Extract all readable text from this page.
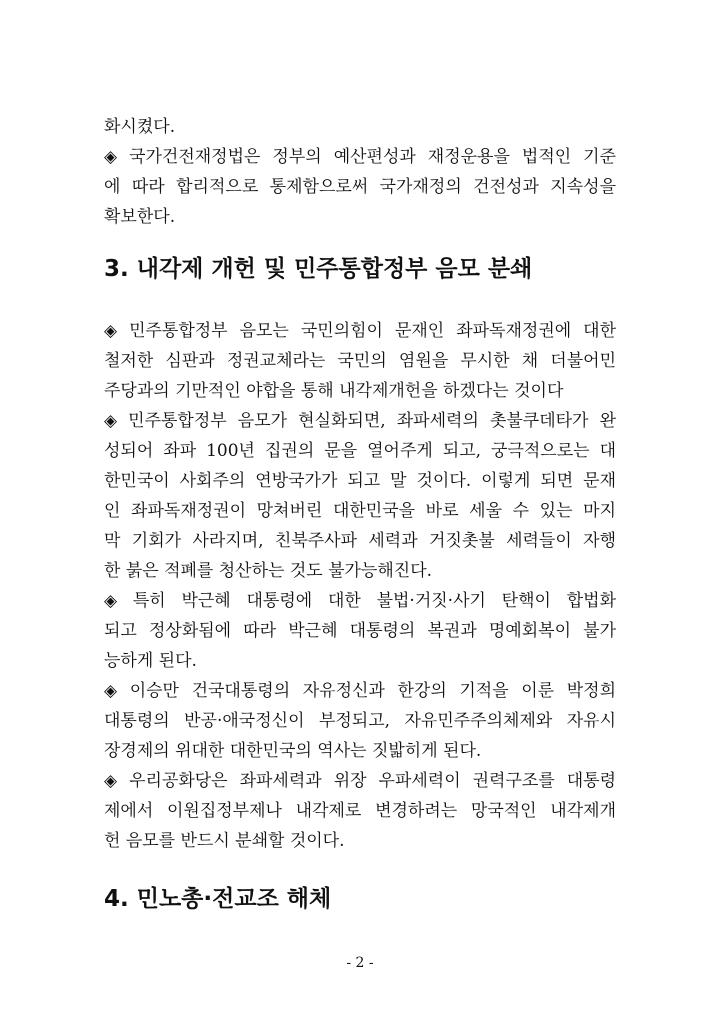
화시켰다.
◈ 국가건전재정법은 정부의 예산편성과 재정운용을 법적인 기준
에 따라 합리적으로 통제함으로써 국가재정의 건전성과 지속성을
확보한다.
3. 내각제 개헌 및 민주통합정부 음모 분쇄
◈ 민주통합정부 음모는 국민의힘이 문재인 좌파독재정권에 대한
철저한 심판과 정권교체라는 국민의 염원을 무시한 채 더불어민
주당과의 기만적인 야합을 통해 내각제개헌을 하겠다는 것이다
◈ 민주통합정부 음모가 현실화되면, 좌파세력의 촛불쿠데타가 완
성되어 좌파 100년 집권의 문을 열어주게 되고, 궁극적으로는 대
한민국이 사회주의 연방국가가 되고 말 것이다. 이렇게 되면 문재
인 좌파독재정권이 망쳐버린 대한민국을 바로 세울 수 있는 마지
막 기회가 사라지며, 친북주사파 세력과 거짓촛불 세력들이 자행
한 붉은 적폐를 청산하는 것도 불가능해진다.
◈ 특히 박근혜 대통령에 대한 불법·거짓·사기 탄핵이 합법화
되고 정상화됨에 따라 박근혜 대통령의 복권과 명예회복이 불가
능하게 된다.
◈ 이승만 건국대통령의 자유정신과 한강의 기적을 이룬 박정희
대통령의 반공·애국정신이 부정되고, 자유민주주의체제와 자유시
장경제의 위대한 대한민국의 역사는 짓밟히게 된다.
◈ 우리공화당은 좌파세력과 위장 우파세력이 권력구조를 대통령
제에서 이원집정부제나 내각제로 변경하려는 망국적인 내각제개
헌 음모를 반드시 분쇄할 것이다.
4. 민노총·전교조 해체
- 2 -
